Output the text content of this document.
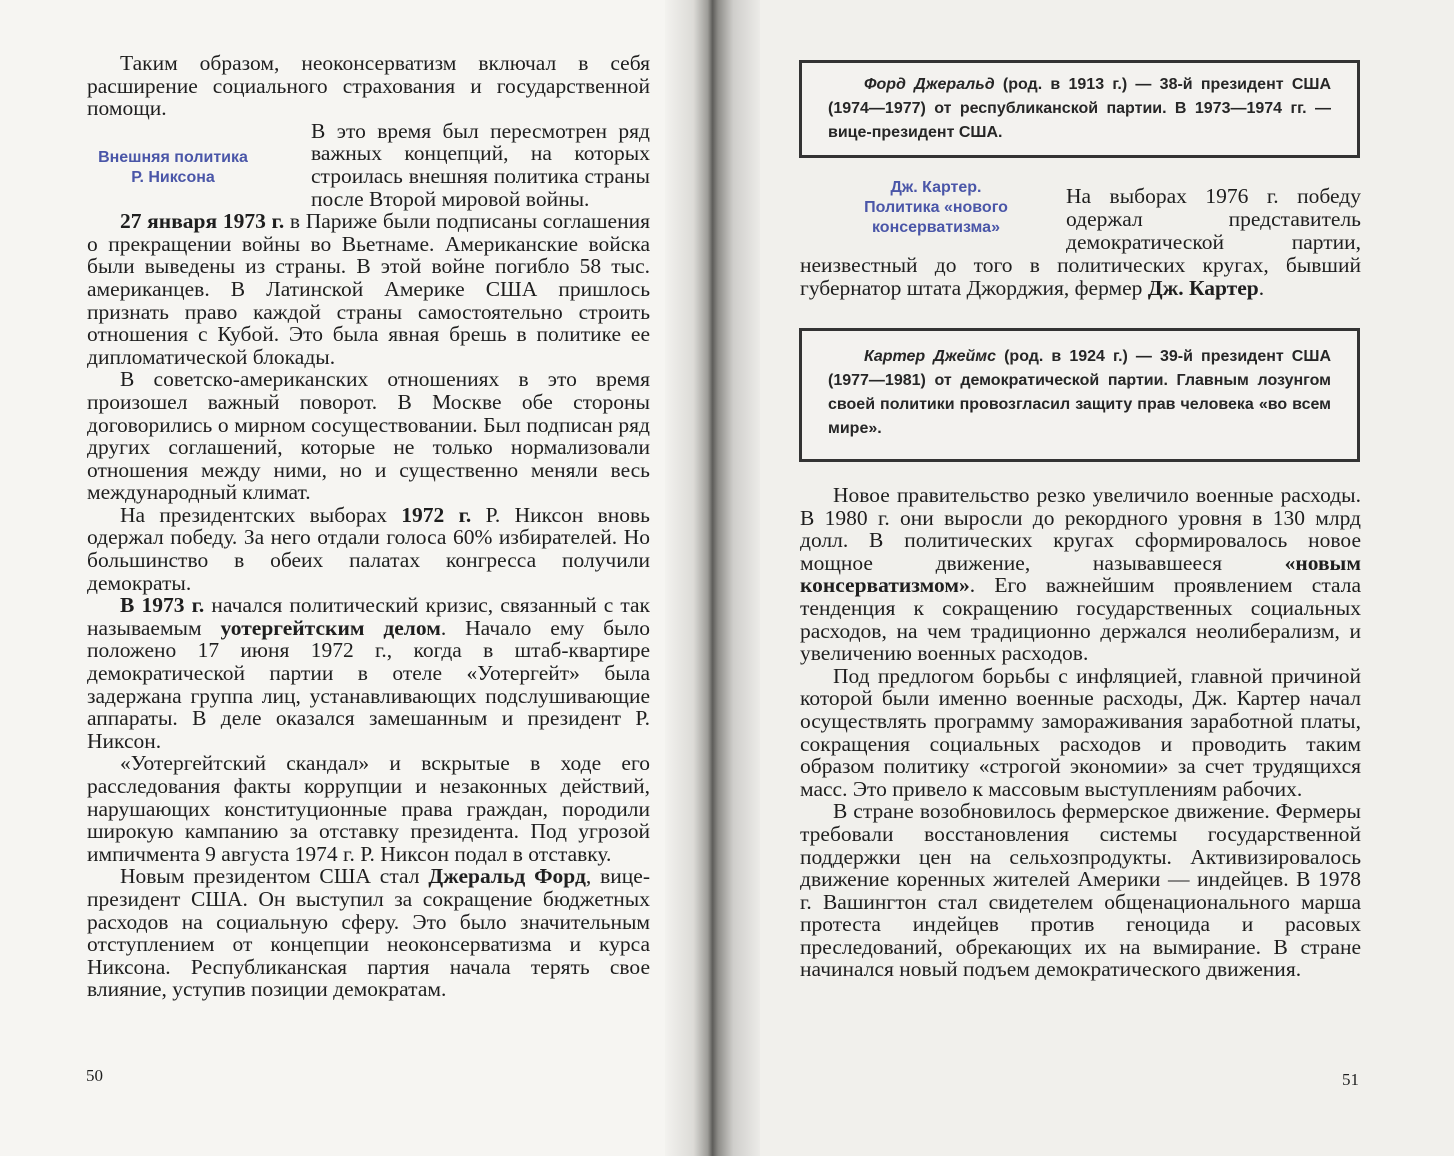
Таким образом, неоконсерватизм включал в себя расширение социального страхования и государственной помощи.

Внешняя политика
Р. Никсона

В это время был пересмотрен ряд важных концепций, на которых строилась внешняя политика страны после Второй мировой войны.

27 января 1973 г. в Париже были подписаны соглашения о прекращении войны во Вьетнаме. Американские войска были выведены из страны. В этой войне погибло 58 тыс. американцев. В Латинской Америке США пришлось признать право каждой страны самостоятельно строить отношения с Кубой. Это была явная брешь в политике ее дипломатической блокады.

В советско-американских отношениях в это время произошел важный поворот. В Москве обе стороны договорились о мирном сосуществовании. Был подписан ряд других соглашений, которые не только нормализовали отношения между ними, но и существенно меняли весь международный климат.

На президентских выборах 1972 г. Р. Никсон вновь одержал победу. За него отдали голоса 60% избирателей. Но большинство в обеих палатах конгресса получили демократы.

В 1973 г. начался политический кризис, связанный с так называемым уотергейтским делом. Начало ему было положено 17 июня 1972 г., когда в штаб-квартире демократической партии в отеле «Уотергейт» была задержана группа лиц, устанавливающих подслушивающие аппараты. В деле оказался замешанным и президент Р. Никсон.

«Уотергейтский скандал» и вскрытые в ходе его расследования факты коррупции и незаконных действий, нарушающих конституционные права граждан, породили широкую кампанию за отставку президента. Под угрозой импичмента 9 августа 1974 г. Р. Никсон подал в отставку.

Новым президентом США стал Джеральд Форд, вице-президент США. Он выступил за сокращение бюджетных расходов на социальную сферу. Это было значительным отступлением от концепции неоконсерватизма и курса Никсона. Республиканская партия начала терять свое влияние, уступив позиции демократам.

50

Форд Джеральд (род. в 1913 г.) — 38-й президент США (1974—1977) от республиканской партии. В 1973—1974 гг. — вице-президент США.

Дж. Картер.
Политика «нового
консерватизма»

На выборах 1976 г. победу одержал представитель демократической партии, неизвестный до того в политических кругах, бывший губернатор штата Джорджия, фермер Дж. Картер.

Картер Джеймс (род. в 1924 г.) — 39-й президент США (1977—1981) от демократической партии. Главным лозунгом своей политики провозгласил защиту прав человека «во всем мире».

Новое правительство резко увеличило военные расходы. В 1980 г. они выросли до рекордного уровня в 130 млрд долл. В политических кругах сформировалось новое мощное движение, называвшееся «новым консерватизмом». Его важнейшим проявлением стала тенденция к сокращению государственных социальных расходов, на чем традиционно держался неолиберализм, и увеличению военных расходов.

Под предлогом борьбы с инфляцией, главной причиной которой были именно военные расходы, Дж. Картер начал осуществлять программу замораживания заработной платы, сокращения социальных расходов и проводить таким образом политику «строгой экономии» за счет трудящихся масс. Это привело к массовым выступлениям рабочих.

В стране возобновилось фермерское движение. Фермеры требовали восстановления системы государственной поддержки цен на сельхозпродукты. Активизировалось движение коренных жителей Америки — индейцев. В 1978 г. Вашингтон стал свидетелем общенационального марша протеста индейцев против геноцида и расовых преследований, обрекающих их на вымирание. В стране начинался новый подъем демократического движения.

51
